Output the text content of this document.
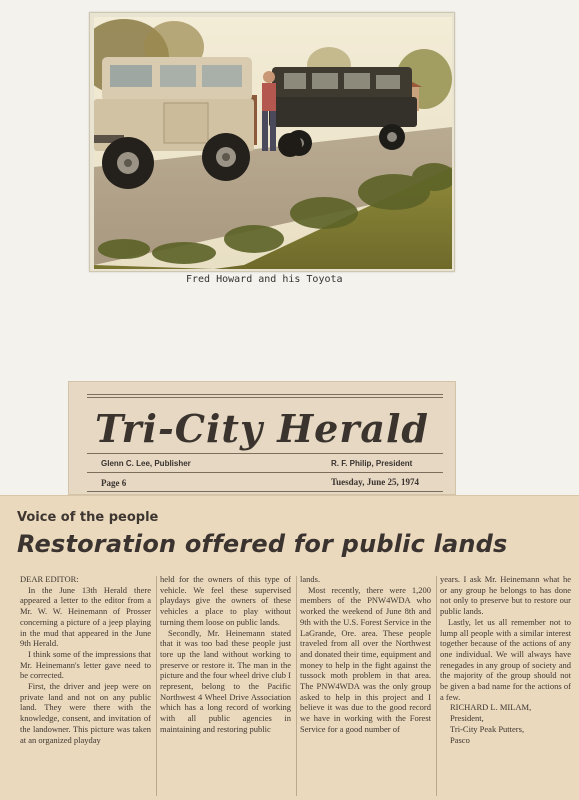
Fred Howard and his Toyota
Tri-City Herald
Glenn C. Lee, Publisher	R. F. Philip, President
Page 6	Tuesday, June 25, 1974
Voice of the people
Restoration offered for public lands

DEAR EDITOR:

In the June 13th Herald there appeared a letter to the editor from a Mr. W. W. Heinemann of Prosser concerning a picture of a jeep playing in the mud that appeared in the June 9th Herald.

I think some of the impressions that Mr. Heinemann's letter gave need to be corrected.

First, the driver and jeep were on private land and not on any public land. They were there with the knowledge, consent, and invitation of the landowner. This picture was taken at an organized playday

held for the owners of this type of vehicle. We feel these supervised playdays give the owners of these vehicles a place to play without turning them loose on public lands.

Secondly, Mr. Heinemann stated that it was too bad these people just tore up the land without working to preserve or restore it. The man in the picture and the four wheel drive club I represent, belong to the Pacific Northwest 4 Wheel Drive Association which has a long record of working with all public agencies in maintaining and restoring public

lands.

Most recently, there were 1,200 members of the PNW4WDA who worked the weekend of June 8th and 9th with the U.S. Forest Service in the LaGrande, Ore. area. These people traveled from all over the Northwest and donated their time, equipment and money to help in the fight against the tussock moth problem in that area. The PNW4WDA was the only group asked to help in this project and I believe it was due to the good record we have in working with the Forest Service for a good number of

years. I ask Mr. Heinemann what he or any group he belongs to has done not only to preserve but to restore our public lands.

Lastly, let us all remember not to lump all people with a similar interest together because of the actions of any one individual. We will always have renegades in any group of society and the majority of the group should not be given a bad name for the actions of a few.

RICHARD L. MILAM,

President,

Tri-City Peak Putters,

Pasco
